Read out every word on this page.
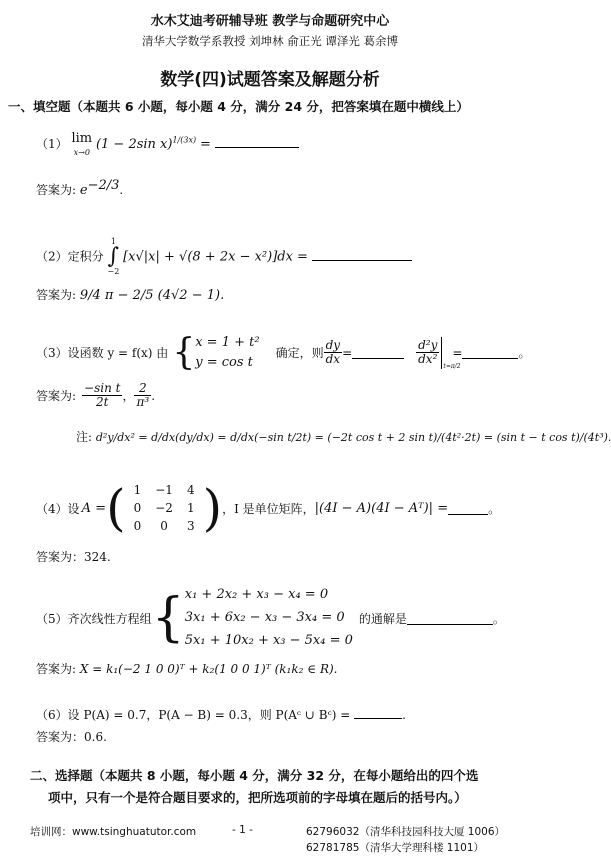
水木艾迪考研辅导班 教学与命题研究中心
清华大学数学系教授 刘坤林 俞正光 谭泽光 葛余博
数学(四)试题答案及解题分析
一、填空题（本题共 6 小题，每小题 4 分，满分 24 分，把答案填在题中横线上）
（1） lim
x→0 (1 − 2sin x)$^{1/(3x)}$ =
答案为: $e^{-2/3}$.
（2）定积分
1
∫
−2
[x√|x| + √(8 + 2x − x²)]dx =
答案为: 9/4 π − 2/5 (4√2 − 1).
（3） 设函数 y = f(x) 由 { x = 1 + t²
y = cos t
确定，则 $\frac{dy}{dx}$ =	$\frac{\text{d²y}}{\text{dx²}} t=\pi/2$
=	。
答案为: $\frac{\text{−sin t}}{2t}$ ， $\frac{2}{\text{π³}}$ .
注: d²y/dx² = d/dx(dy/dx) = d/dx(−sin t/2t) = (−2t cos t + 2 sin t)/(4t²·2t) = (sin t − t cos t)/(4t³).
（4） 设 A = ( 1	−1	4
0	−2	1
0	0	3 ) ，I 是单位矩阵， |(4I − A)(4I − Aᵀ)| =	。
答案为：324.
（5） 齐次线性方程组 { x₁ + 2x₂ + x₃ − x₄ = 0
3x₁ + 6x₂ − x₃ − 3x₄ = 0
5x₁ + 10x₂ + x₃ − 5x₄ = 0
的通解是	。
答案为: X = k₁(−2 1 0 0)ᵀ + k₂(1 0 0 1)ᵀ (k₁k₂ ∈ R).
（6）设 P(A) = 0.7，P(A − B) = 0.3，则 P(Aᶜ ∪ Bᶜ) =	.
答案为：0.6.
二、选择题（本题共 8 小题，每小题 4 分，满分 32 分，在每小题给出的四个选
项中，只有一个是符合题目要求的，把所选项前的字母填在题后的括号内。）
培训网：www.tsinghuatutor.com	- 1 -	62796032（清华科技园科技大厦 1006）
62781785（清华大学理科楼 1101）
